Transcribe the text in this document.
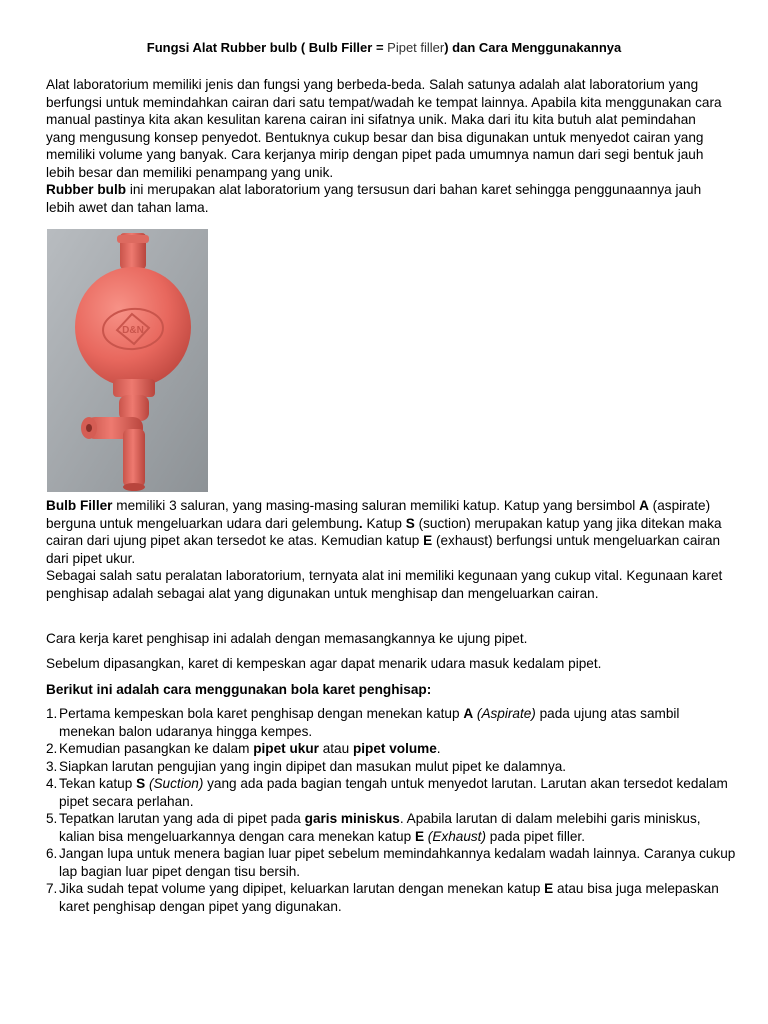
Fungsi Alat Rubber bulb ( Bulb Filler = Pipet filler) dan Cara Menggunakannya
Alat laboratorium memiliki jenis dan fungsi yang berbeda-beda. Salah satunya adalah alat laboratorium yang berfungsi untuk memindahkan cairan dari satu tempat/wadah ke tempat lainnya. Apabila kita menggunakan cara manual pastinya kita akan kesulitan karena cairan ini sifatnya unik. Maka dari itu kita butuh alat pemindahan yang mengusung konsep penyedot. Bentuknya cukup besar dan bisa digunakan untuk menyedot cairan yang memiliki volume yang banyak. Cara kerjanya mirip dengan pipet pada umumnya namun dari segi bentuk jauh lebih besar dan memiliki penampang yang unik.
Rubber bulb ini merupakan alat laboratorium yang tersusun dari bahan karet sehingga penggunaannya jauh lebih awet dan tahan lama.
D&N
Bulb Filler memiliki 3 saluran, yang masing-masing saluran memiliki katup. Katup yang bersimbol A (aspirate) berguna untuk mengeluarkan udara dari gelembung. Katup S (suction) merupakan katup yang jika ditekan maka cairan dari ujung pipet akan tersedot ke atas. Kemudian katup E (exhaust) berfungsi untuk mengeluarkan cairan dari pipet ukur.
Sebagai salah satu peralatan laboratorium, ternyata alat ini memiliki kegunaan yang cukup vital. Kegunaan karet penghisap adalah sebagai alat yang digunakan untuk menghisap dan mengeluarkan cairan.
Cara kerja karet penghisap ini adalah dengan memasangkannya ke ujung pipet.
Sebelum dipasangkan, karet di kempeskan agar dapat menarik udara masuk kedalam pipet.
Berikut ini adalah cara menggunakan bola karet penghisap:
1. Pertama kempeskan bola karet penghisap dengan menekan katup A (Aspirate) pada ujung atas sambil menekan balon udaranya hingga kempes.
2. Kemudian pasangkan ke dalam pipet ukur atau pipet volume.
3. Siapkan larutan pengujian yang ingin dipipet dan masukan mulut pipet ke dalamnya.
4. Tekan katup S (Suction) yang ada pada bagian tengah untuk menyedot larutan. Larutan akan tersedot kedalam pipet secara perlahan.
5. Tepatkan larutan yang ada di pipet pada garis miniskus. Apabila larutan di dalam melebihi garis miniskus, kalian bisa mengeluarkannya dengan cara menekan katup E (Exhaust) pada pipet filler.
6. Jangan lupa untuk menera bagian luar pipet sebelum memindahkannya kedalam wadah lainnya. Caranya cukup lap bagian luar pipet dengan tisu bersih.
7. Jika sudah tepat volume yang dipipet, keluarkan larutan dengan menekan katup E atau bisa juga melepaskan karet penghisap dengan pipet yang digunakan.
